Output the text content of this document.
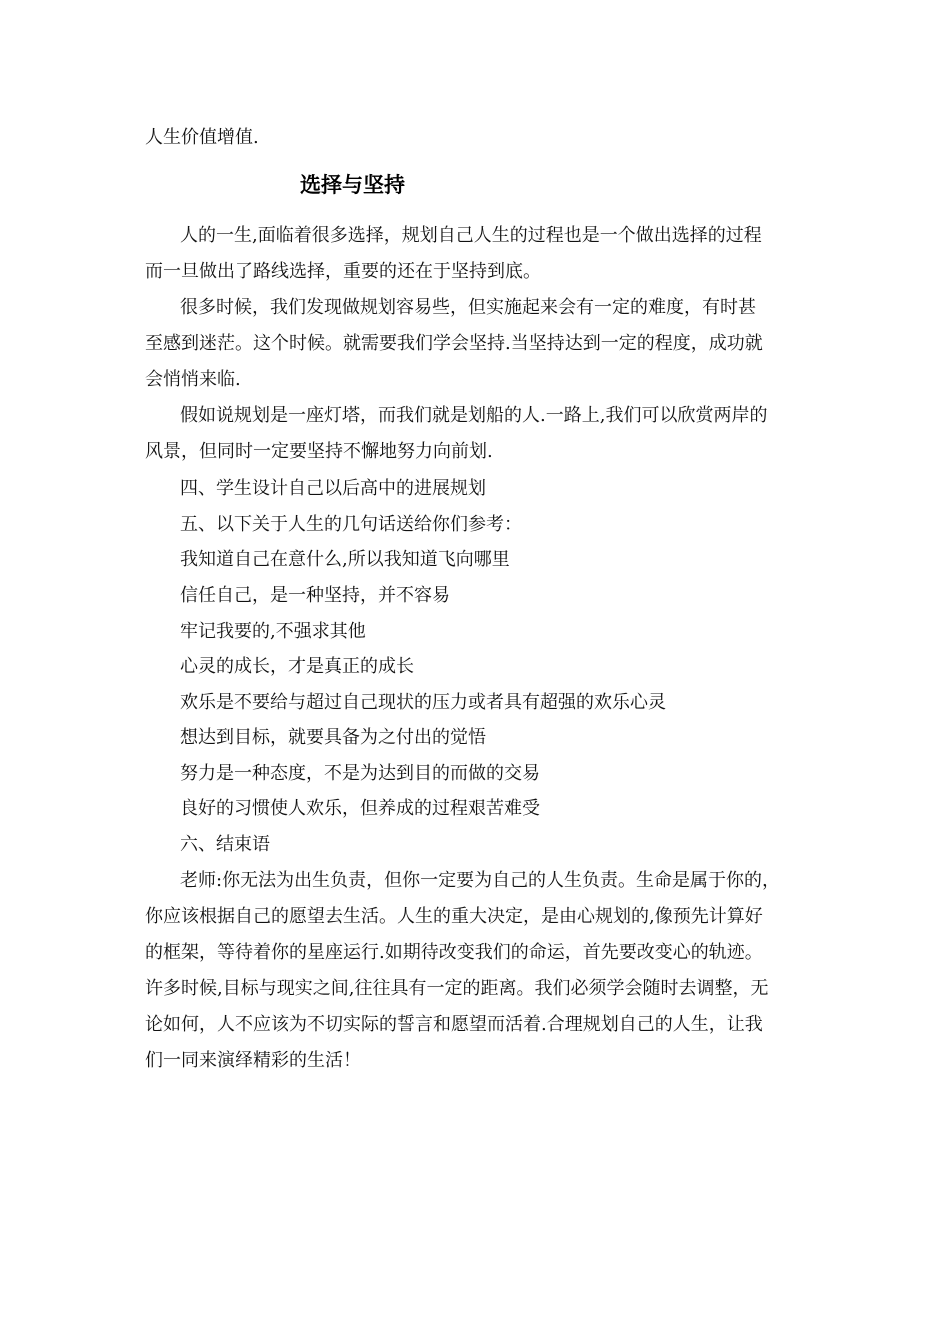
人生价值增值.

选择与坚持

人的一生,面临着很多选择，规划自己人生的过程也是一个做出选择的过程

而一旦做出了路线选择，重要的还在于坚持到底。

很多时候，我们发现做规划容易些，但实施起来会有一定的难度，有时甚

至感到迷茫。这个时候。就需要我们学会坚持.当坚持达到一定的程度，成功就

会悄悄来临.

假如说规划是一座灯塔，而我们就是划船的人.一路上,我们可以欣赏两岸的

风景，但同时一定要坚持不懈地努力向前划.

四、学生设计自己以后高中的进展规划

五、以下关于人生的几句话送给你们参考：

我知道自己在意什么,所以我知道飞向哪里

信任自己，是一种坚持，并不容易

牢记我要的,不强求其他

心灵的成长，才是真正的成长

欢乐是不要给与超过自己现状的压力或者具有超强的欢乐心灵

想达到目标，就要具备为之付出的觉悟

努力是一种态度，不是为达到目的而做的交易

良好的习惯使人欢乐，但养成的过程艰苦难受

六、结束语

老师:你无法为出生负责，但你一定要为自己的人生负责。生命是属于你的，

你应该根据自己的愿望去生活。人生的重大决定，是由心规划的,像预先计算好

的框架，等待着你的星座运行.如期待改变我们的命运，首先要改变心的轨迹。

许多时候,目标与现实之间,往往具有一定的距离。我们必须学会随时去调整，无

论如何，人不应该为不切实际的誓言和愿望而活着.合理规划自己的人生，让我

们一同来演绎精彩的生活！
